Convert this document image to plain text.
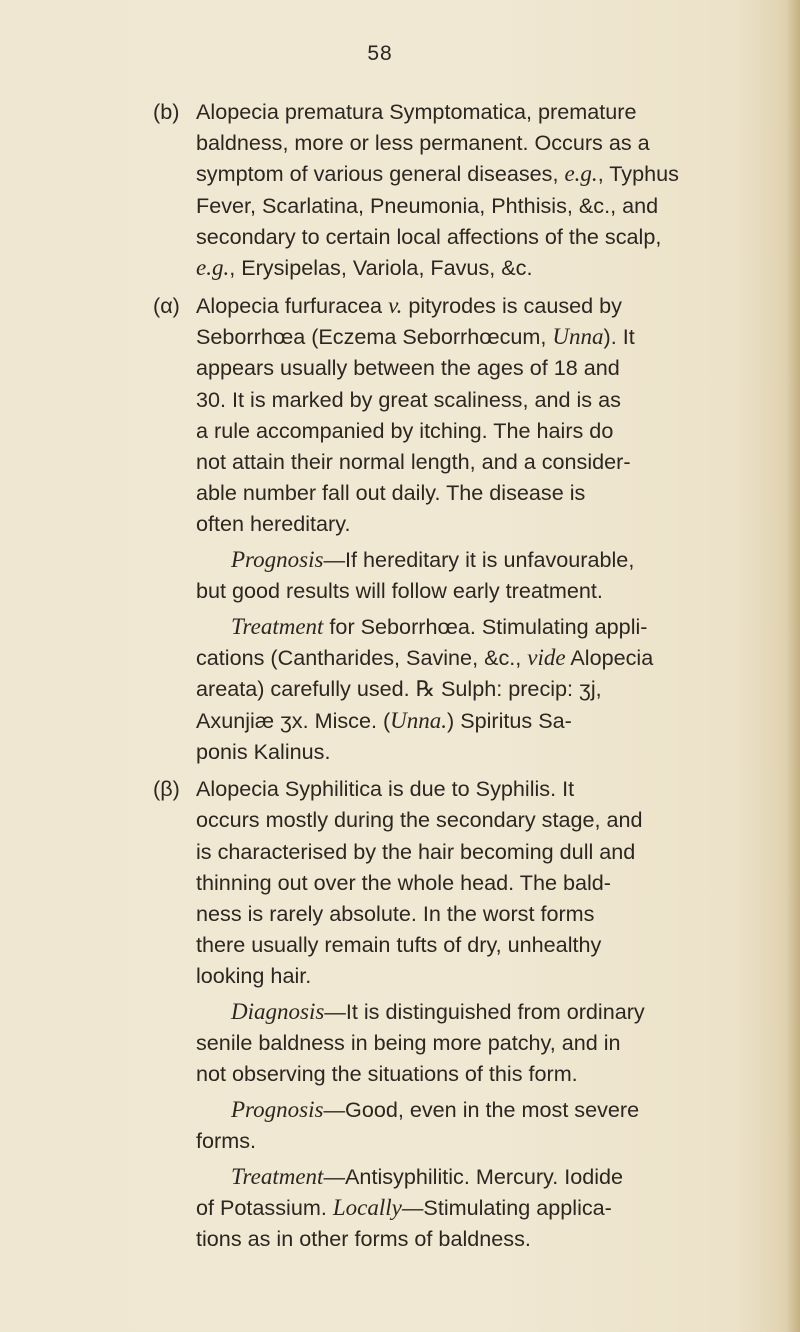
58
(b) Alopecia prematura Symptomatica, premature
baldness, more or less permanent. Occurs as a
symptom of various general diseases, e.g., Typhus
Fever, Scarlatina, Pneumonia, Phthisis, &c., and
secondary to certain local affections of the scalp,
e.g., Erysipelas, Variola, Favus, &c.
(α) Alopecia furfuracea v. pityrodes is caused by
Seborrhœa (Eczema Seborrhœcum, Unna). It
appears usually between the ages of 18 and
30. It is marked by great scaliness, and is as
a rule accompanied by itching. The hairs do
not attain their normal length, and a consider-
able number fall out daily. The disease is
often hereditary.
Prognosis—If hereditary it is unfavourable,
but good results will follow early treatment.
Treatment for Seborrhœa. Stimulating appli-
cations (Cantharides, Savine, &c., vide Alopecia
areata) carefully used. ℞ Sulph: precip: ʒj,
Axunjiæ ʒx. Misce. (Unna.) Spiritus Sa-
ponis Kalinus.
(β) Alopecia Syphilitica is due to Syphilis. It
occurs mostly during the secondary stage, and
is characterised by the hair becoming dull and
thinning out over the whole head. The bald-
ness is rarely absolute. In the worst forms
there usually remain tufts of dry, unhealthy
looking hair.
Diagnosis—It is distinguished from ordinary
senile baldness in being more patchy, and in
not observing the situations of this form.
Prognosis—Good, even in the most severe
forms.
Treatment—Antisyphilitic. Mercury. Iodide
of Potassium. Locally—Stimulating applica-
tions as in other forms of baldness.
